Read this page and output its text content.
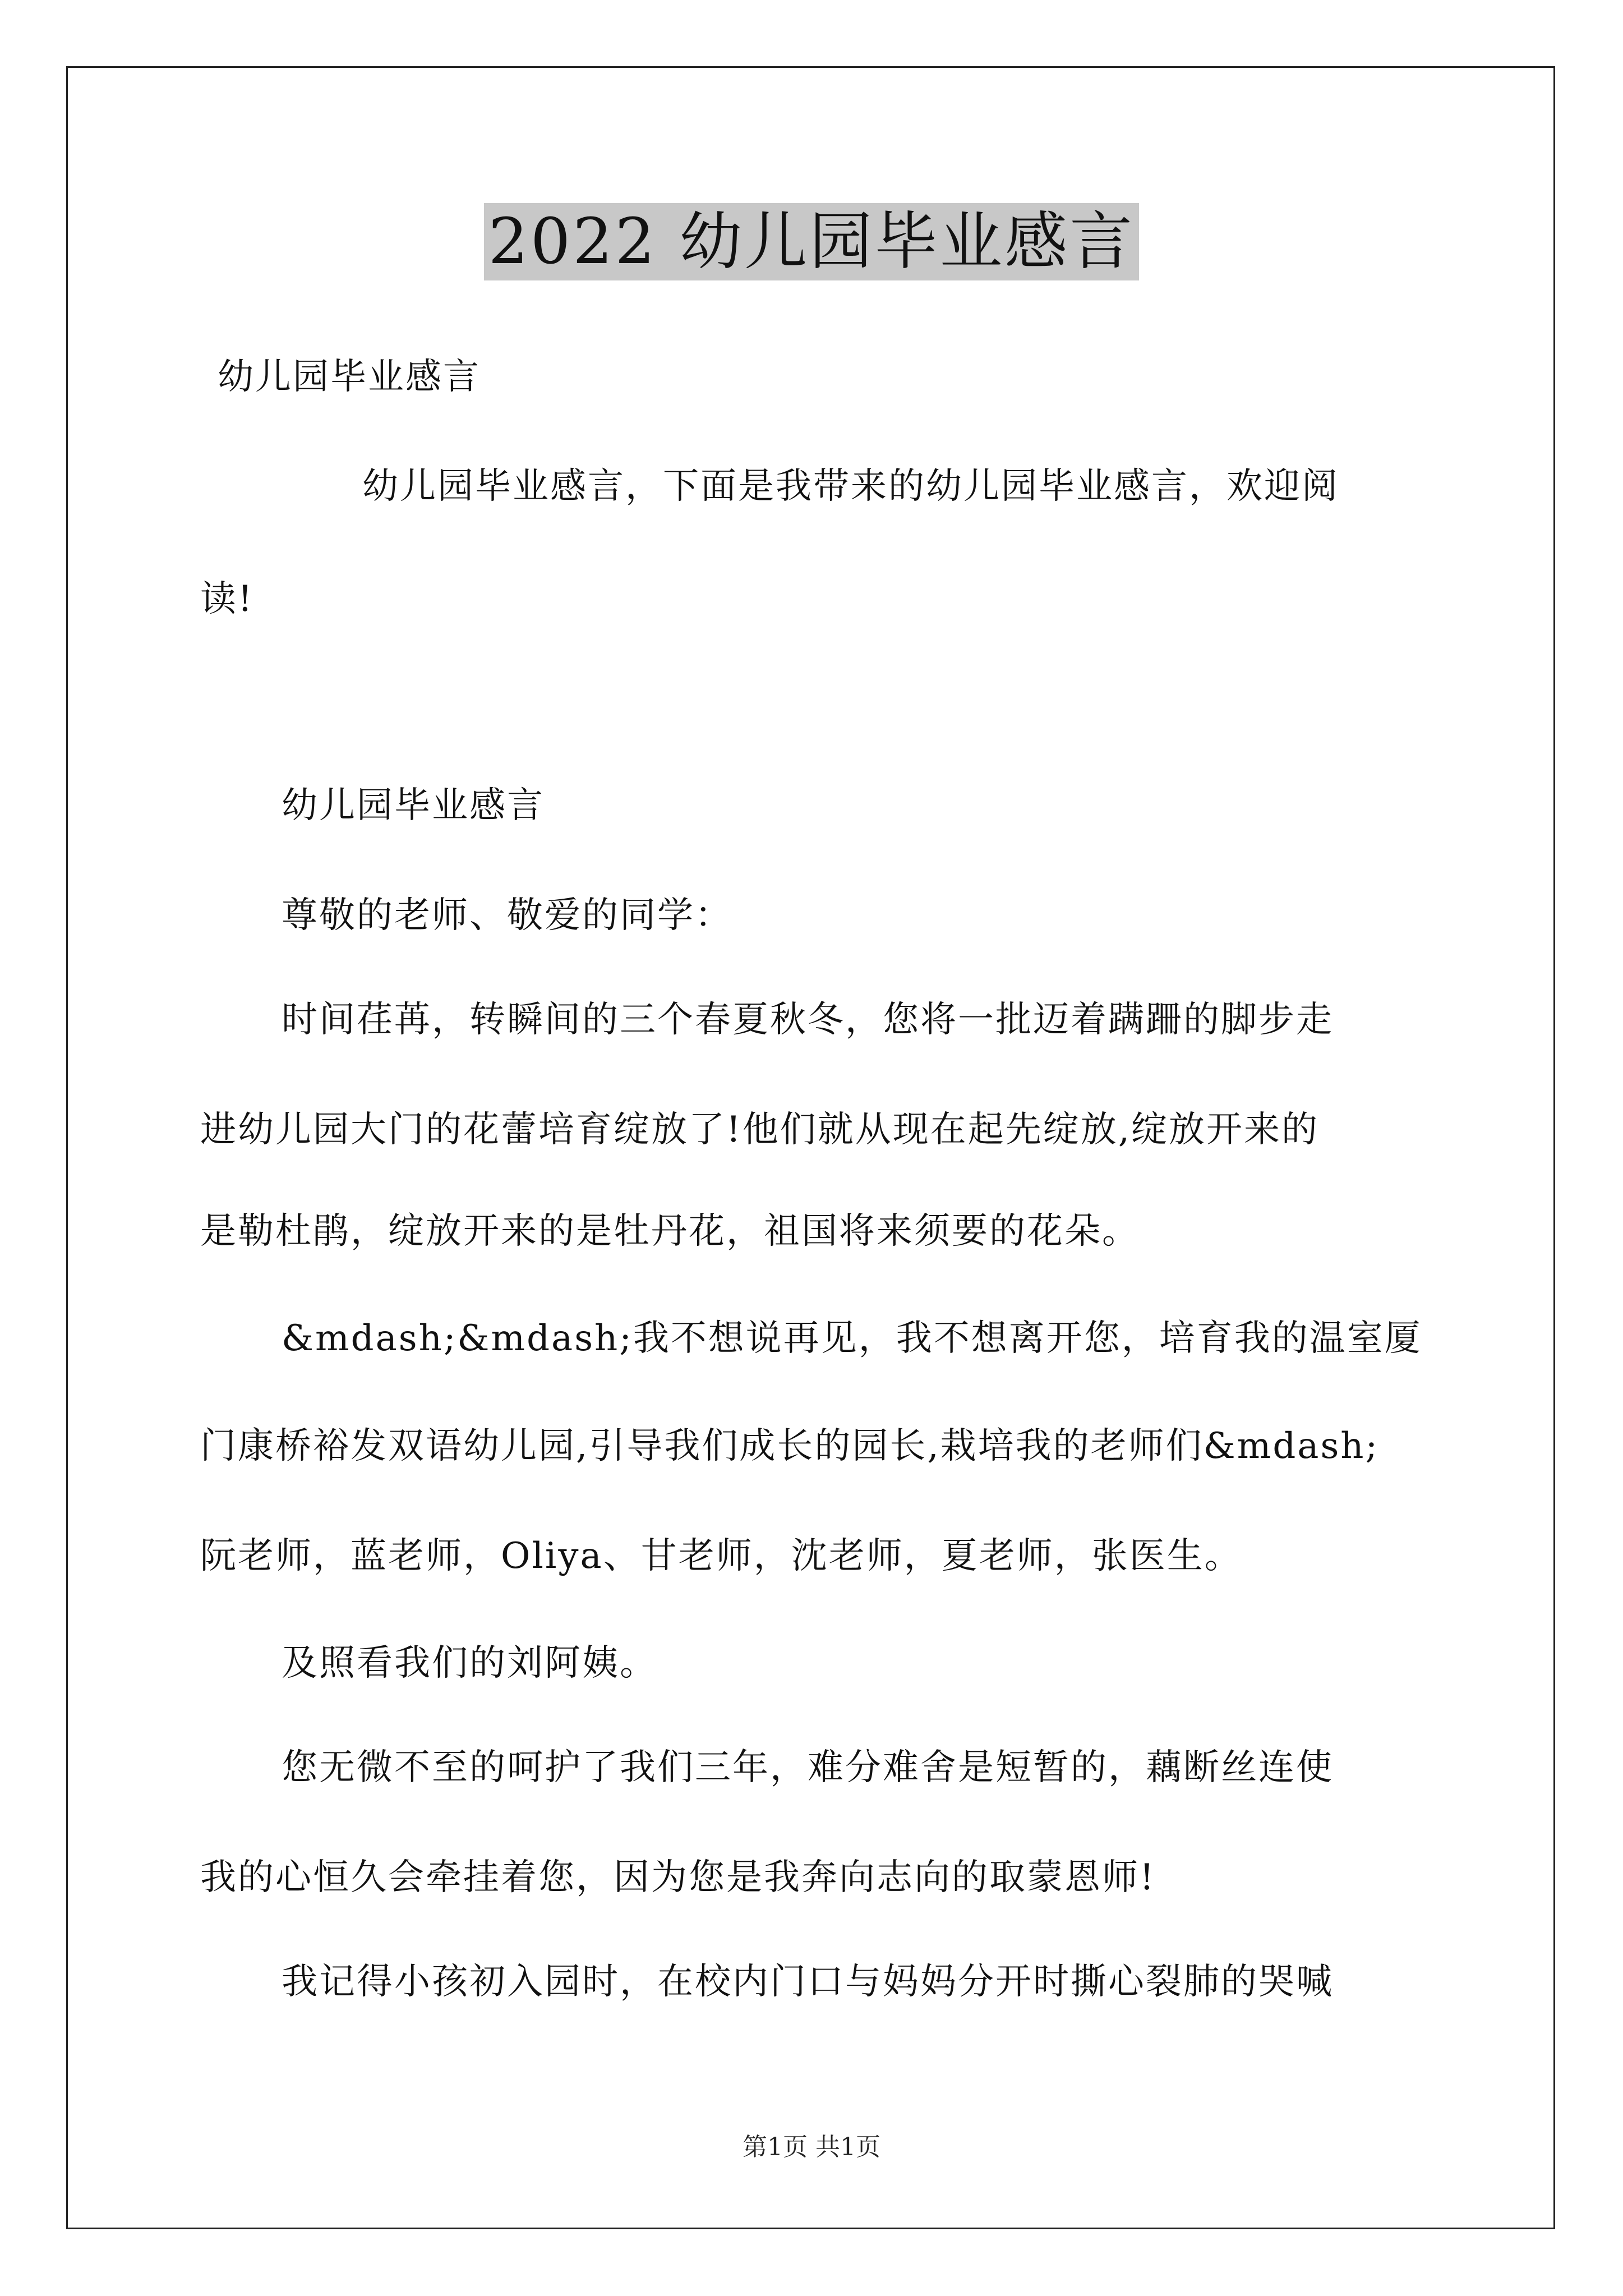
2022 幼儿园毕业感言
幼儿园毕业感言
幼儿园毕业感言，下面是我带来的幼儿园毕业感言，欢迎阅
读!
幼儿园毕业感言
尊敬的老师、敬爱的同学：
时间荏苒，转瞬间的三个春夏秋冬，您将一批迈着蹒跚的脚步走
进幼儿园大门的花蕾培育绽放了!他们就从现在起先绽放,绽放开来的
是勒杜鹃，绽放开来的是牡丹花，祖国将来须要的花朵。
&mdash;&mdash;我不想说再见，我不想离开您，培育我的温室厦
门康桥裕发双语幼儿园,引导我们成长的园长,栽培我的老师们&mdash;
阮老师，蓝老师，Oliya、甘老师，沈老师，夏老师，张医生。
及照看我们的刘阿姨。
您无微不至的呵护了我们三年，难分难舍是短暂的，藕断丝连使
我的心恒久会牵挂着您，因为您是我奔向志向的取蒙恩师!
我记得小孩初入园时，在校内门口与妈妈分开时撕心裂肺的哭喊
第1页 共1页
